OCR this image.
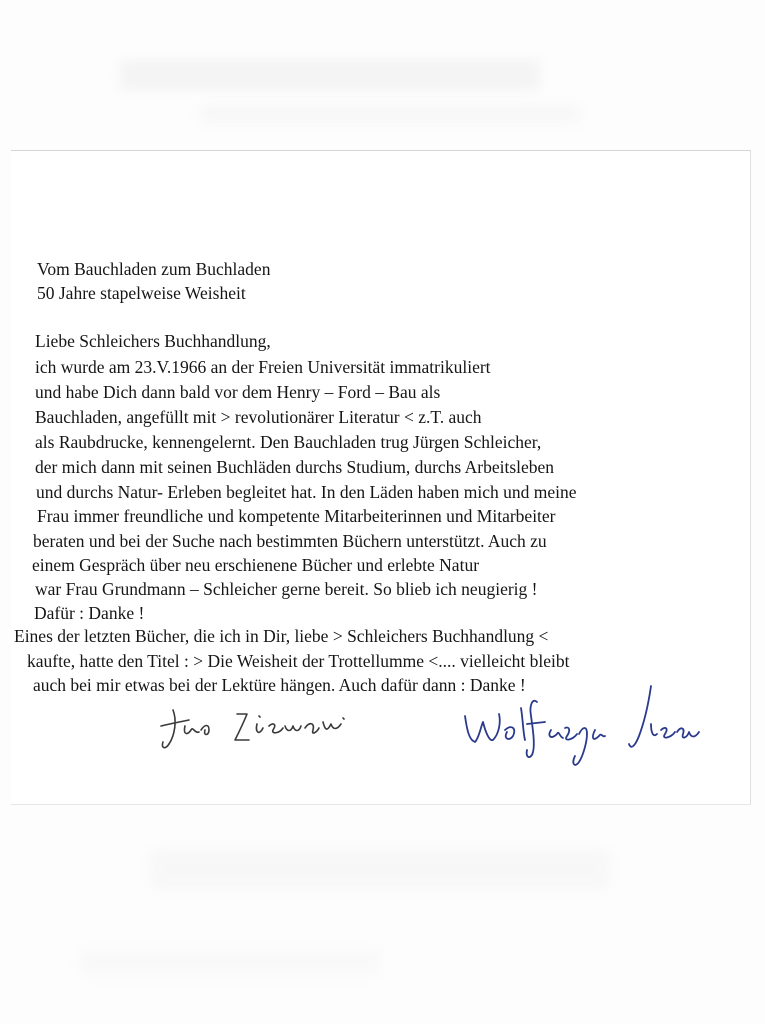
Vom Bauchladen zum Buchladen
50 Jahre stapelweise Weisheit
Liebe Schleichers Buchhandlung,
ich wurde am 23.V.1966 an der Freien Universität immatrikuliert
und habe Dich dann bald vor dem Henry – Ford – Bau als
Bauchladen, angefüllt mit > revolutionärer Literatur < z.T. auch
als Raubdrucke, kennengelernt. Den Bauchladen trug Jürgen Schleicher,
der mich dann mit seinen Buchläden durchs Studium, durchs Arbeitsleben
und durchs Natur- Erleben begleitet hat. In den Läden haben mich und meine
Frau immer freundliche und kompetente Mitarbeiterinnen und Mitarbeiter
beraten und bei der Suche nach bestimmten Büchern unterstützt. Auch zu
einem Gespräch über neu erschienene Bücher und erlebte Natur
war Frau Grundmann – Schleicher gerne bereit. So blieb ich neugierig !
Dafür : Danke !
Eines der letzten Bücher, die ich in Dir, liebe > Schleichers Buchhandlung <
kaufte, hatte den Titel : > Die Weisheit der Trottellumme <.... vielleicht bleibt
auch bei mir etwas bei der Lektüre hängen. Auch dafür dann : Danke !
